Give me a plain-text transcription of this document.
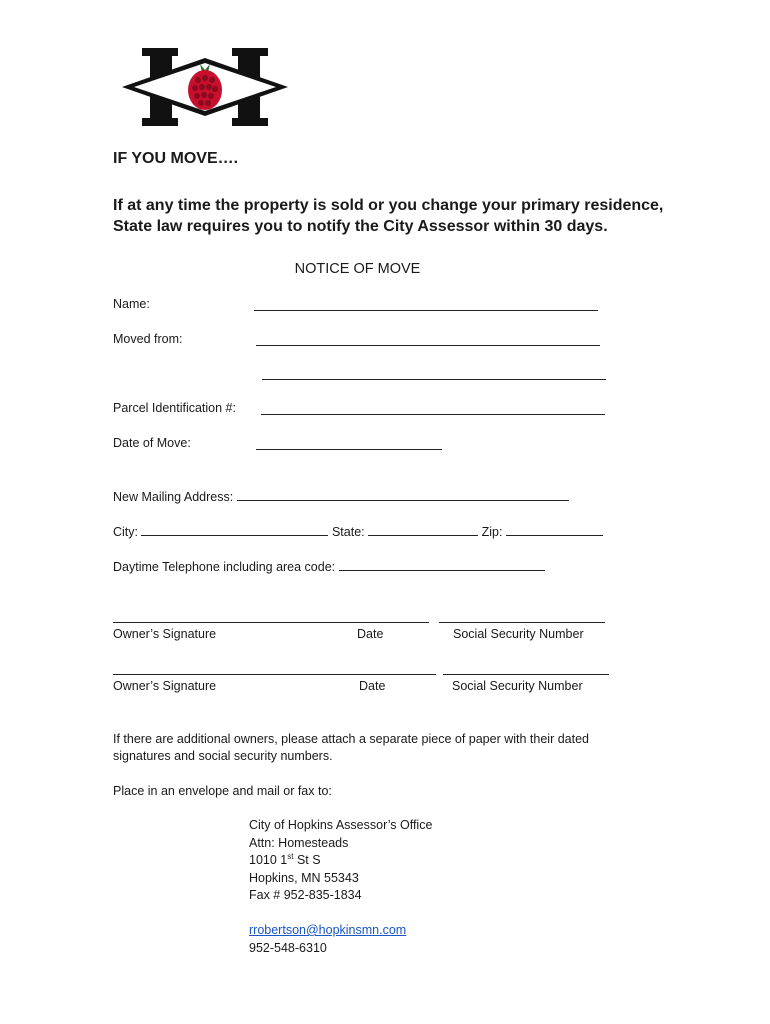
IF YOU MOVE….
If at any time the property is sold or you change your primary residence,
State law requires you to notify the City Assessor within 30 days.
NOTICE OF MOVE
Name:
Moved from:
Parcel Identification #:
Date of Move:
New Mailing Address:
City:	State:	Zip:
Daytime Telephone including area code:
Owner’s Signature	Date	Social Security Number
Owner’s Signature	Date	Social Security Number
If there are additional owners, please attach a separate piece of paper with their dated signatures and social security numbers.
Place in an envelope and mail or fax to:
City of Hopkins Assessor’s Office
Attn: Homesteads
1010 1st St S
Hopkins, MN 55343
Fax # 952-835-1834
rrobertson@hopkinsmn.com
952-548-6310
